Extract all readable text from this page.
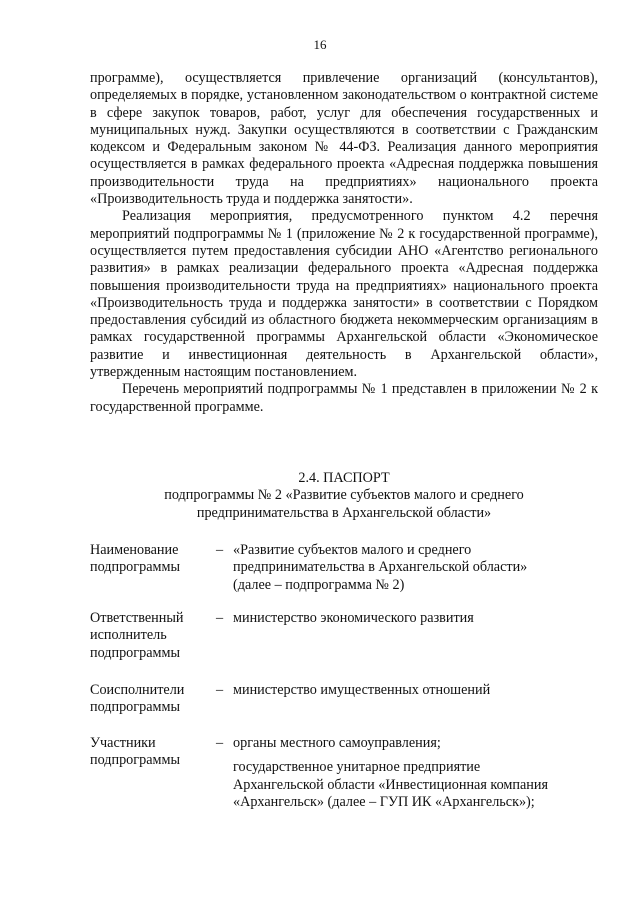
16

программе), осуществляется привлечение организаций (консультантов), определяемых в порядке, установленном законодательством о контрактной системе в сфере закупок товаров, работ, услуг для обеспечения государственных и муниципальных нужд. Закупки осуществляются в соответствии с Гражданским кодексом и Федеральным законом № 44-ФЗ. Реализация данного мероприятия осуществляется в рамках федерального проекта «Адресная поддержка повышения производительности труда на предприятиях» национального проекта «Производительность труда и поддержка занятости».

Реализация мероприятия, предусмотренного пунктом 4.2 перечня мероприятий подпрограммы № 1 (приложение № 2 к государственной программе), осуществляется путем предоставления субсидии АНО «Агентство регионального развития» в рамках реализации федерального проекта «Адресная поддержка повышения производительности труда на предприятиях» национального проекта «Производительность труда и поддержка занятости» в соответствии с Порядком предоставления субсидий из областного бюджета некоммерческим организациям в рамках государственной программы Архангельской области «Экономическое развитие и инвестиционная деятельность в Архангельской области», утвержденным настоящим постановлением.

Перечень мероприятий подпрограммы № 1 представлен в приложении № 2 к государственной программе.

2.4. ПАСПОРТ
подпрограммы № 2 «Развитие субъектов малого и среднего
предпринимательства в Архангельской области»
Наименование
подпрограммы
– «Развитие субъектов малого и среднего
предпринимательства в Архангельской области»
(далее – подпрограмма № 2)
Ответственный
исполнитель
подпрограммы
– министерство экономического развития
Соисполнители
подпрограммы
– министерство имущественных отношений
Участники
подпрограммы
– органы местного самоуправления;
государственное унитарное предприятие
Архангельской области «Инвестиционная компания
«Архангельск» (далее – ГУП ИК «Архангельск»);
